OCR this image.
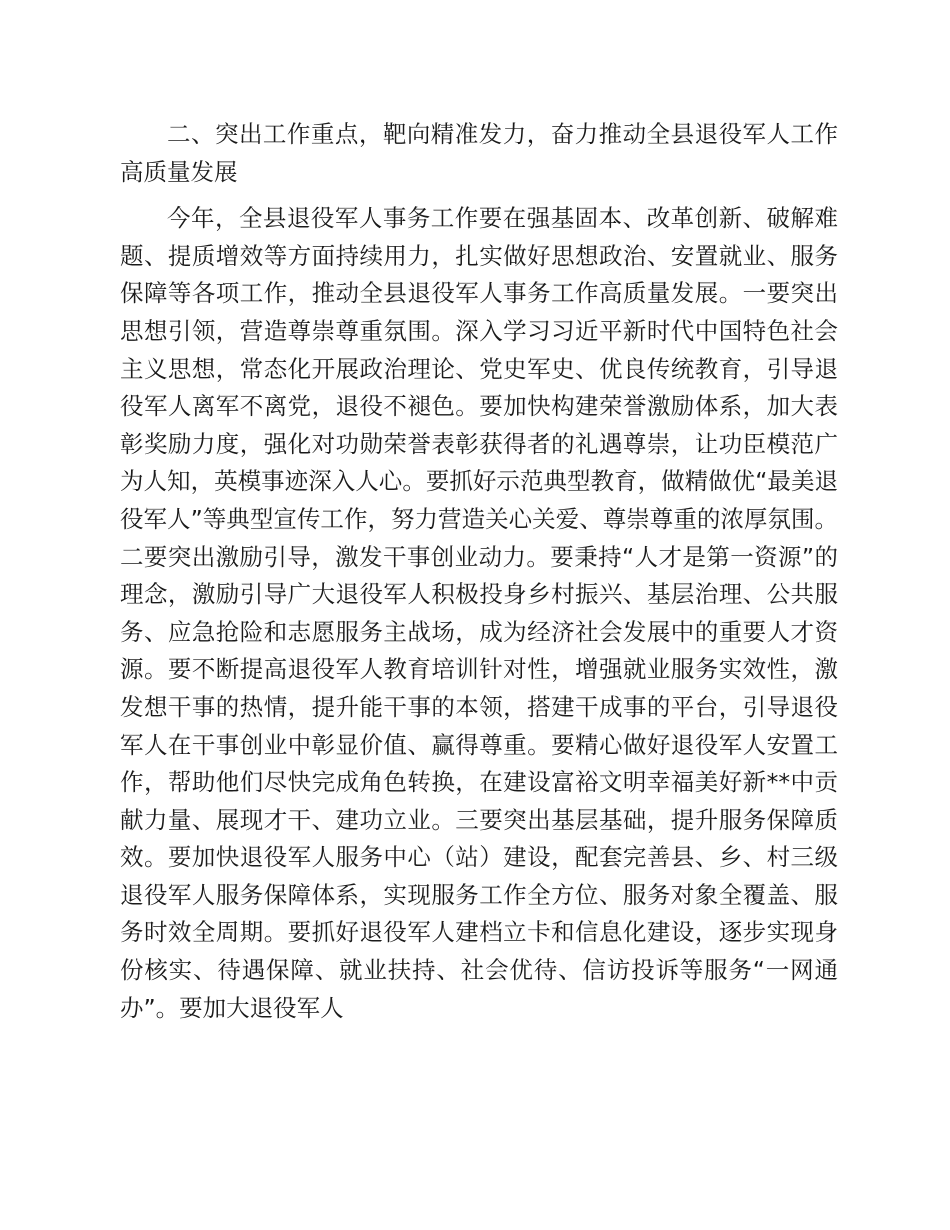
二、突出工作重点，靶向精准发力，奋力推动全县退役军人工作高质量发展

今年，全县退役军人事务工作要在强基固本、改革创新、破解难题、提质增效等方面持续用力，扎实做好思想政治、安置就业、服务保障等各项工作，推动全县退役军人事务工作高质量发展。一要突出思想引领，营造尊崇尊重氛围。深入学习习近平新时代中国特色社会主义思想，常态化开展政治理论、党史军史、优良传统教育，引导退役军人离军不离党，退役不褪色。要加快构建荣誉激励体系，加大表彰奖励力度，强化对功勋荣誉表彰获得者的礼遇尊崇，让功臣模范广为人知，英模事迹深入人心。要抓好示范典型教育，做精做优“最美退役军人”等典型宣传工作，努力营造关心关爱、尊崇尊重的浓厚氛围。二要突出激励引导，激发干事创业动力。要秉持“人才是第一资源”的理念，激励引导广大退役军人积极投身乡村振兴、基层治理、公共服务、应急抢险和志愿服务主战场，成为经济社会发展中的重要人才资源。要不断提高退役军人教育培训针对性，增强就业服务实效性，激发想干事的热情，提升能干事的本领，搭建干成事的平台，引导退役军人在干事创业中彰显价值、赢得尊重。要精心做好退役军人安置工作，帮助他们尽快完成角色转换，在建设富裕文明幸福美好新**中贡献力量、展现才干、建功立业。三要突出基层基础，提升服务保障质效。要加快退役军人服务中心（站）建设，配套完善县、乡、村三级退役军人服务保障体系，实现服务工作全方位、服务对象全覆盖、服务时效全周期。要抓好退役军人建档立卡和信息化建设，逐步实现身份核实、待遇保障、就业扶持、社会优待、信访投诉等服务“一网通办”。要加大退役军人
